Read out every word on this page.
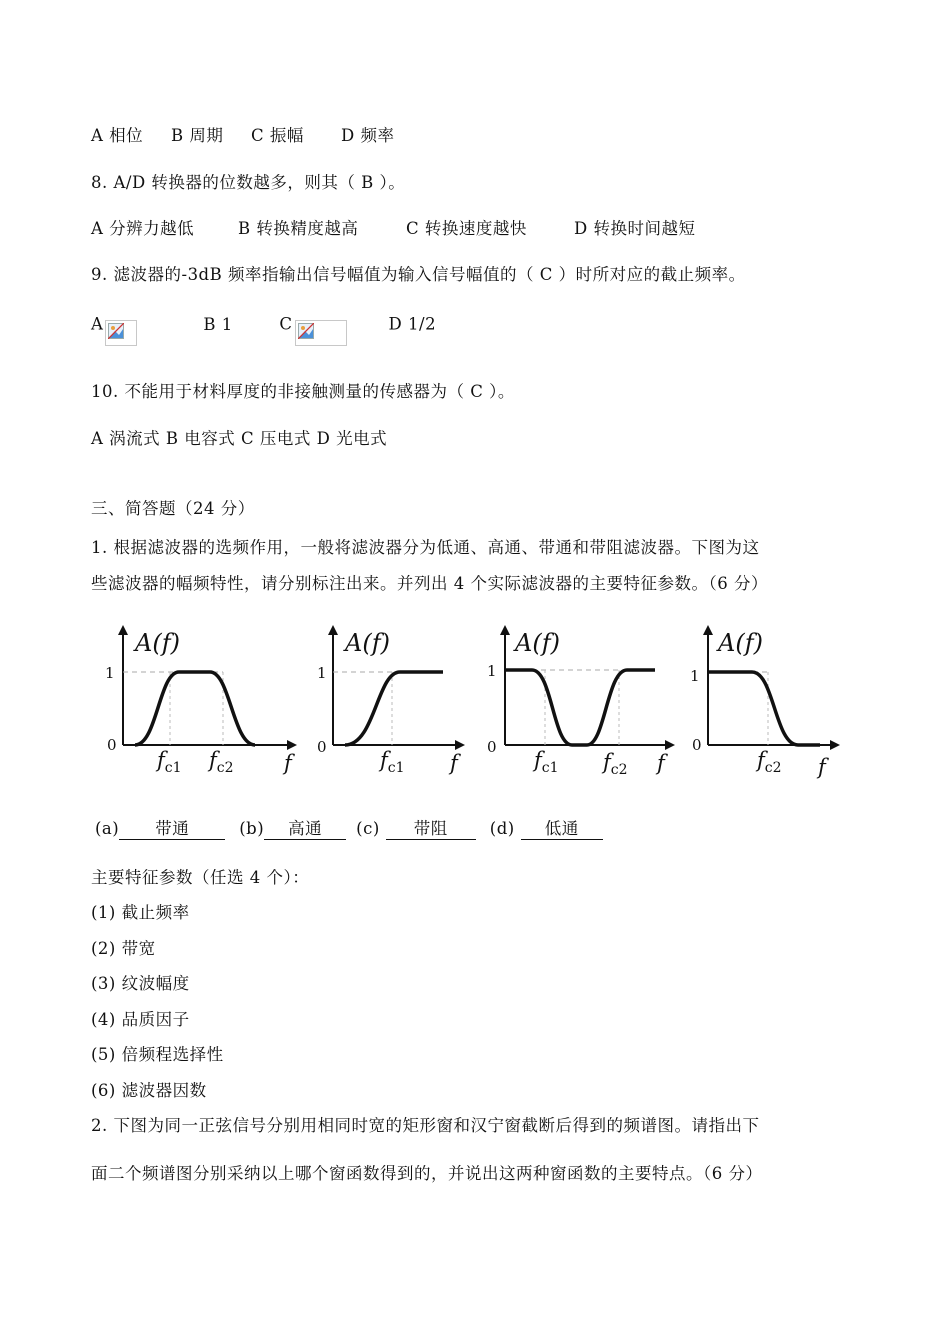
A 相位 B 周期 C 振幅 D 频率
8. A/D 转换器的位数越多，则其（ B ）。
A 分辨力越低	B 转换精度越高	C 转换速度越快	D 转换时间越短
9. 滤波器的-3dB 频率指输出信号幅值为输入信号幅值的（ C ）时所对应的截止频率。
A	B 1	C	D 1/2
10. 不能用于材料厚度的非接触测量的传感器为（ C ）。
A 涡流式 B 电容式 C 压电式 D 光电式
三、简答题（24 分）
1. 根据滤波器的选频作用，一般将滤波器分为低通、高通、带通和带阻滤波器。下图为这
些滤波器的幅频特性，请分别标注出来。并列出 4 个实际滤波器的主要特征参数。（6 分）
A(f)
1
0
$f_{c1}$ $f_{c2}$ f
A(f)
1
0
$f_{c1}$ f
A(f)
1
0
$f_{c1}$ $f_{c2}$ f
A(f)
1
0
$f_{c2}$ f
(a) 带通	(b) 高通 (c) 带阻	(d) 低通
主要特征参数（任选 4 个）：
(1) 截止频率
(2) 带宽
(3) 纹波幅度
(4) 品质因子
(5) 倍频程选择性
(6) 滤波器因数
2. 下图为同一正弦信号分别用相同时宽的矩形窗和汉宁窗截断后得到的频谱图。请指出下
面二个频谱图分别采纳以上哪个窗函数得到的，并说出这两种窗函数的主要特点。（6 分）
